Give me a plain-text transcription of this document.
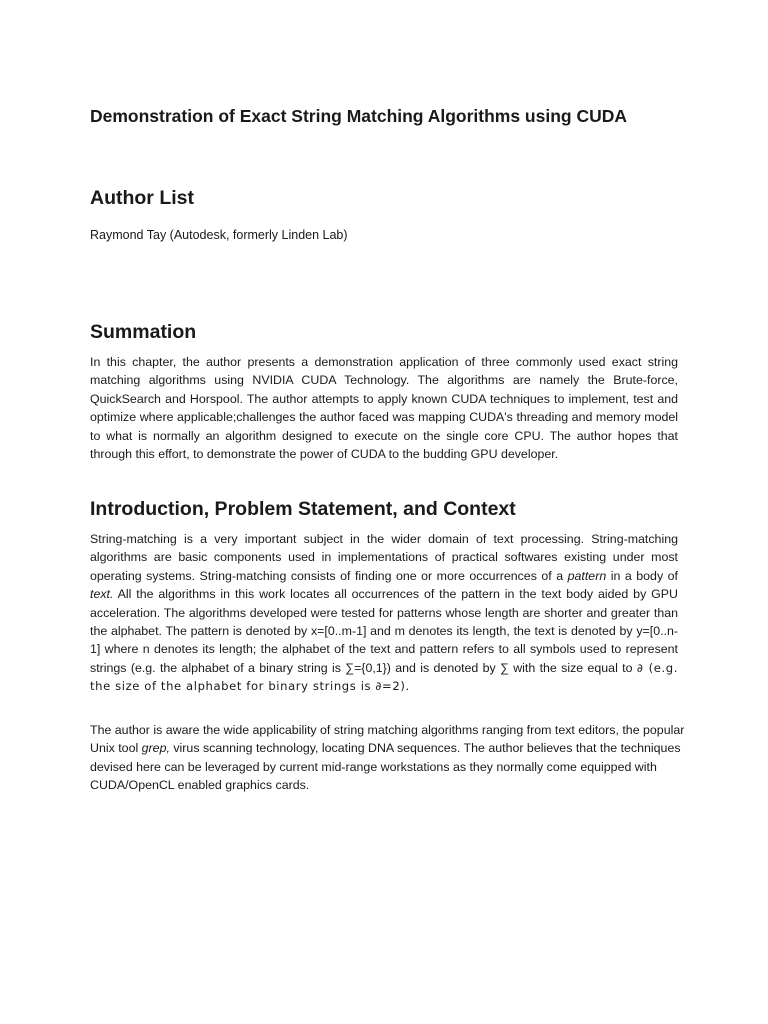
Demonstration of Exact String Matching Algorithms using CUDA
Author List

Raymond Tay (Autodesk, formerly Linden Lab)

Summation

In this chapter, the author presents a demonstration application of three commonly used exact string matching algorithms using NVIDIA CUDA Technology. The algorithms are namely the Brute-force, QuickSearch and Horspool. The author attempts to apply known CUDA techniques to implement, test and optimize where applicable;challenges the author faced was mapping CUDA's threading and memory model to what is normally an algorithm designed to execute on the single core CPU. The author hopes that through this effort, to demonstrate the power of CUDA to the budding GPU developer.

Introduction, Problem Statement, and Context

String-matching is a very important subject in the wider domain of text processing. String-matching algorithms are basic components used in implementations of practical softwares existing under most operating systems. String-matching consists of finding one or more occurrences of a pattern in a body of text. All the algorithms in this work locates all occurrences of the pattern in the text body aided by GPU acceleration. The algorithms developed were tested for patterns whose length are shorter and greater than the alphabet. The pattern is denoted by x=[0..m-1] and m denotes its length, the text is denoted by y=[0..n-1] where n denotes its length; the alphabet of the text and pattern refers to all symbols used to represent strings (e.g. the alphabet of a binary string is ∑={0,1}) and is denoted by ∑ with the size equal to ∂ (e.g. the size of the alphabet for binary strings is ∂=2).

The author is aware the wide applicability of string matching algorithms ranging from text editors, the popular Unix tool grep, virus scanning technology, locating DNA sequences. The author believes that the techniques devised here can be leveraged by current mid-range workstations as they normally come equipped with CUDA/OpenCL enabled graphics cards.
